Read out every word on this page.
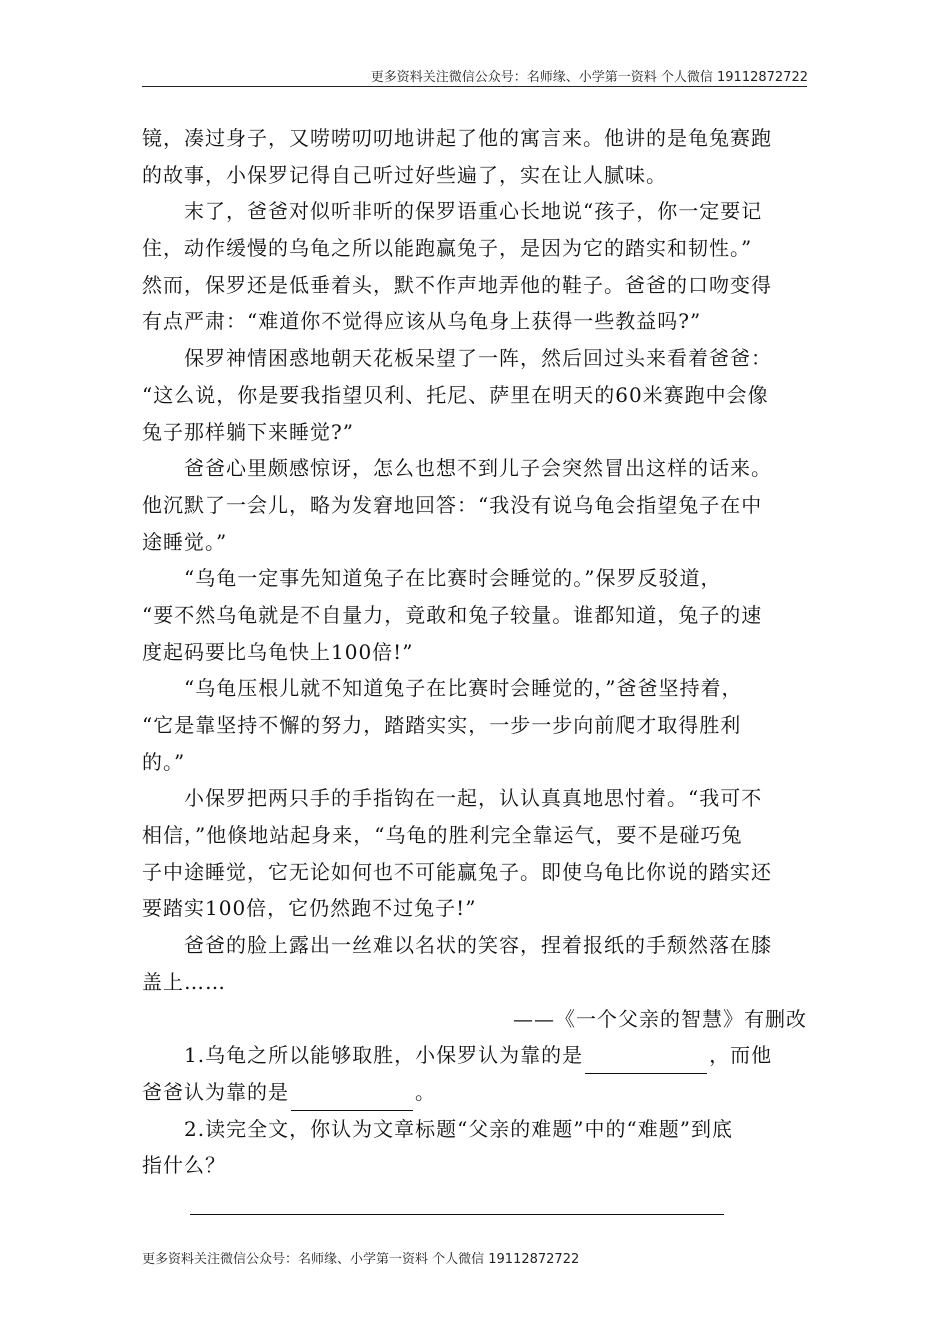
更多资料关注微信公众号：名师缘、小学第一资料 个人微信 19112872722
镜，凑过身子，又唠唠叨叨地讲起了他的寓言来。他讲的是龟兔赛跑
的故事，小保罗记得自己听过好些遍了，实在让人腻味。
末了，爸爸对似听非听的保罗语重心长地说“孩子，你一定要记
住，动作缓慢的乌龟之所以能跑赢兔子，是因为它的踏实和韧性。”
然而，保罗还是低垂着头，默不作声地弄他的鞋子。爸爸的口吻变得
有点严肃：“难道你不觉得应该从乌龟身上获得一些教益吗?”
保罗神情困惑地朝天花板呆望了一阵，然后回过头来看着爸爸：
“这么说，你是要我指望贝利、托尼、萨里在明天的60米赛跑中会像
兔子那样躺下来睡觉?”
爸爸心里颇感惊讶，怎么也想不到儿子会突然冒出这样的话来。
他沉默了一会儿，略为发窘地回答：“我没有说乌龟会指望兔子在中
途睡觉。”
“乌龟一定事先知道兔子在比赛时会睡觉的。”保罗反驳道，
“要不然乌龟就是不自量力，竟敢和兔子较量。谁都知道，兔子的速
度起码要比乌龟快上100倍!”
“乌龟压根儿就不知道兔子在比赛时会睡觉的，”爸爸坚持着，
“它是靠坚持不懈的努力，踏踏实实，一步一步向前爬才取得胜利
的。”
小保罗把两只手的手指钩在一起，认认真真地思忖着。“我可不
相信，”他倏地站起身来，“乌龟的胜利完全靠运气，要不是碰巧兔
子中途睡觉，它无论如何也不可能赢兔子。即使乌龟比你说的踏实还
要踏实100倍，它仍然跑不过兔子!”
爸爸的脸上露出一丝难以名状的笑容，捏着报纸的手颓然落在膝
盖上……
——《一个父亲的智慧》有删改
1.乌龟之所以能够取胜，小保罗认为靠的是	，而他
爸爸认为靠的是	。
2.读完全文，你认为文章标题“父亲的难题”中的“难题”到底
指什么？
更多资料关注微信公众号：名师缘、小学第一资料 个人微信 19112872722
